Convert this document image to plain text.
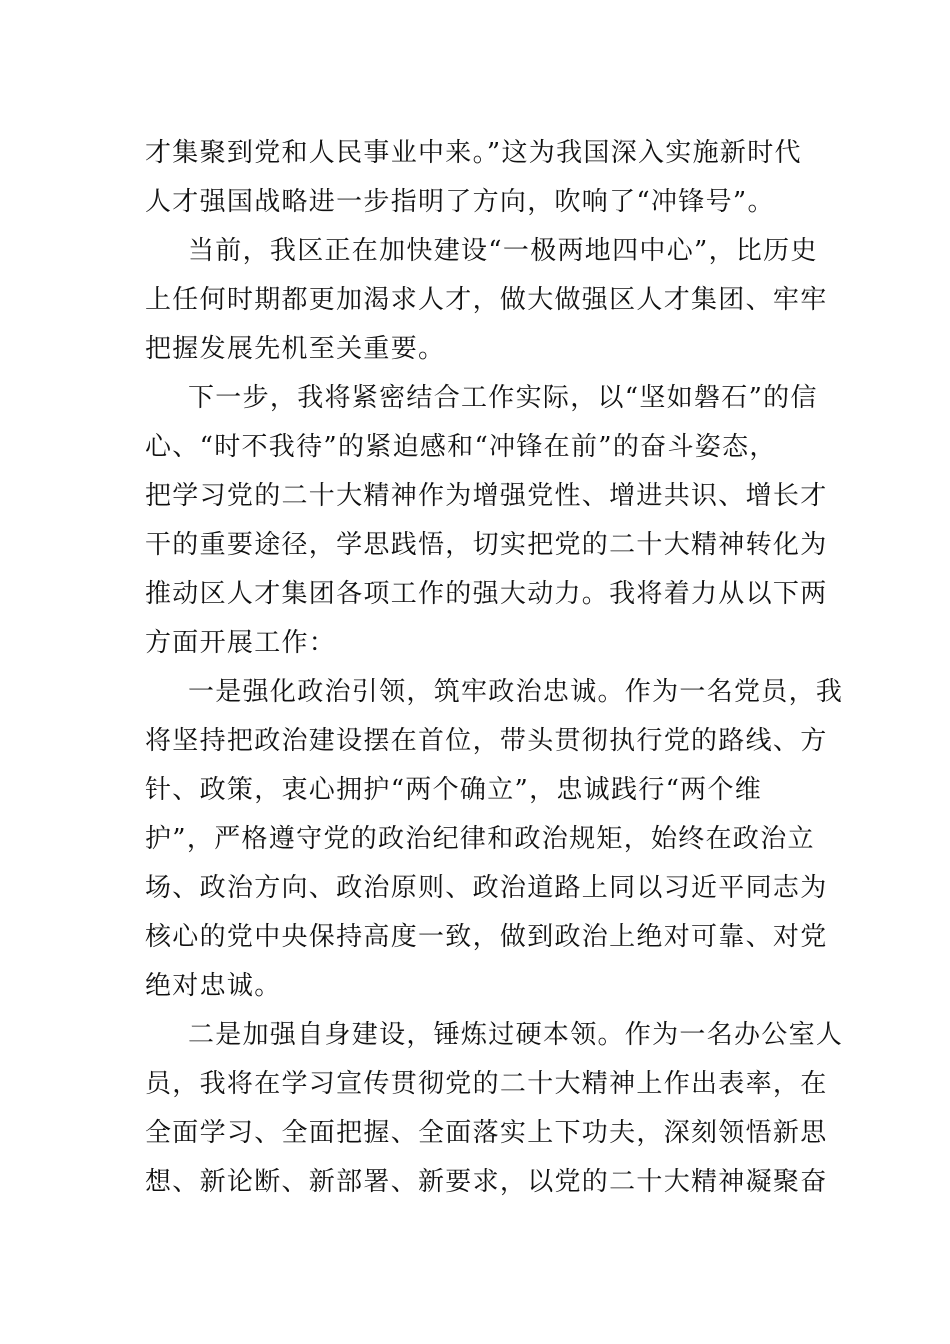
才集聚到党和人民事业中来。”这为我国深入实施新时代
人才强国战略进一步指明了方向，吹响了“冲锋号”。
当前，我区正在加快建设“一极两地四中心”，比历史
上任何时期都更加渴求人才，做大做强区人才集团、牢牢
把握发展先机至关重要。
下一步，我将紧密结合工作实际，以“坚如磐石”的信
心、“时不我待”的紧迫感和“冲锋在前”的奋斗姿态，
把学习党的二十大精神作为增强党性、增进共识、增长才
干的重要途径，学思践悟，切实把党的二十大精神转化为
推动区人才集团各项工作的强大动力。我将着力从以下两
方面开展工作：
一是强化政治引领，筑牢政治忠诚。作为一名党员，我
将坚持把政治建设摆在首位，带头贯彻执行党的路线、方
针、政策，衷心拥护“两个确立”，忠诚践行“两个维
护”，严格遵守党的政治纪律和政治规矩，始终在政治立
场、政治方向、政治原则、政治道路上同以习近平同志为
核心的党中央保持高度一致，做到政治上绝对可靠、对党
绝对忠诚。
二是加强自身建设，锤炼过硬本领。作为一名办公室人
员，我将在学习宣传贯彻党的二十大精神上作出表率，在
全面学习、全面把握、全面落实上下功夫，深刻领悟新思
想、新论断、新部署、新要求，以党的二十大精神凝聚奋
